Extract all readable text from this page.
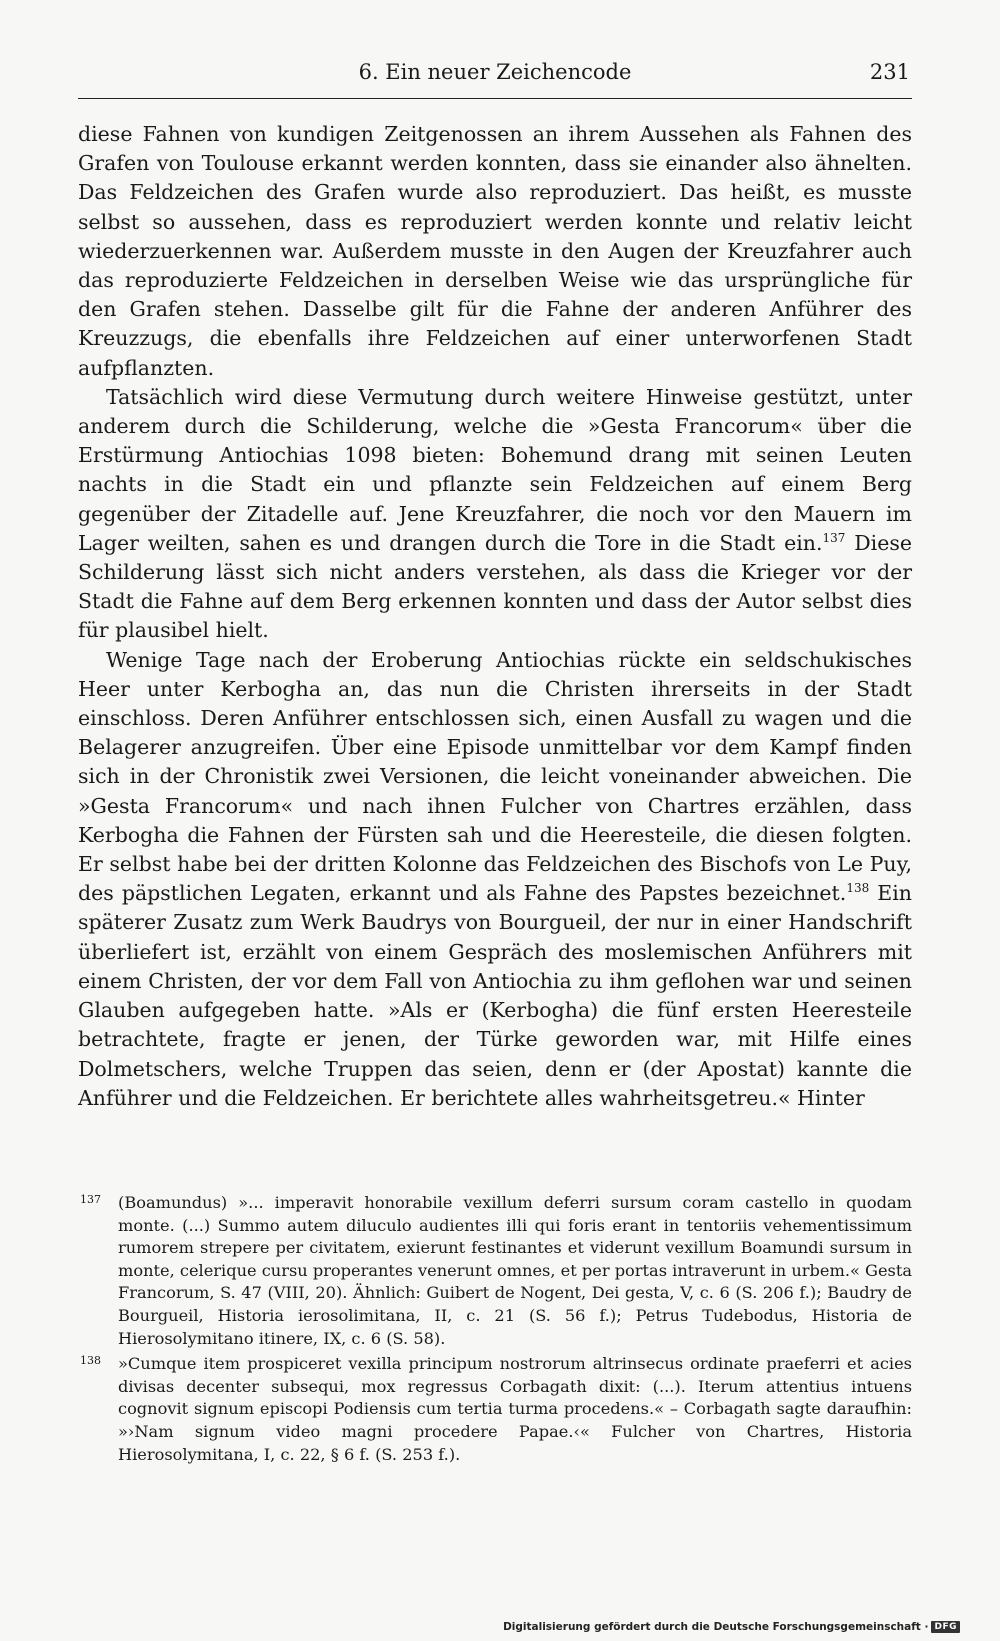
6. Ein neuer Zeichencode	231

diese Fahnen von kundigen Zeitgenossen an ihrem Aussehen als Fahnen des Grafen von Toulouse erkannt werden konnten, dass sie einander also ähnelten. Das Feldzeichen des Grafen wurde also reproduziert. Das heißt, es musste selbst so aussehen, dass es reproduziert werden konnte und relativ leicht wiederzuerkennen war. Außerdem musste in den Augen der Kreuzfahrer auch das reproduzierte Feldzeichen in derselben Weise wie das ursprüngliche für den Grafen stehen. Dasselbe gilt für die Fahne der anderen Anführer des Kreuzzugs, die ebenfalls ihre Feldzeichen auf einer unterworfenen Stadt aufpflanzten.

Tatsächlich wird diese Vermutung durch weitere Hinweise gestützt, unter anderem durch die Schilderung, welche die »Gesta Francorum« über die Erstürmung Antiochias 1098 bieten: Bohemund drang mit seinen Leuten nachts in die Stadt ein und pflanzte sein Feldzeichen auf einem Berg gegenüber der Zitadelle auf. Jene Kreuzfahrer, die noch vor den Mauern im Lager weilten, sahen es und drangen durch die Tore in die Stadt ein.$^{137}$ Diese Schilderung lässt sich nicht anders verstehen, als dass die Krieger vor der Stadt die Fahne auf dem Berg erkennen konnten und dass der Autor selbst dies für plausibel hielt.

Wenige Tage nach der Eroberung Antiochias rückte ein seldschukisches Heer unter Kerbogha an, das nun die Christen ihrerseits in der Stadt einschloss. Deren Anführer entschlossen sich, einen Ausfall zu wagen und die Belagerer anzugreifen. Über eine Episode unmittelbar vor dem Kampf finden sich in der Chronistik zwei Versionen, die leicht voneinander abweichen. Die »Gesta Francorum« und nach ihnen Fulcher von Chartres erzählen, dass Kerbogha die Fahnen der Fürsten sah und die Heeresteile, die diesen folgten. Er selbst habe bei der dritten Kolonne das Feldzeichen des Bischofs von Le Puy, des päpstlichen Legaten, erkannt und als Fahne des Papstes bezeichnet.$^{138}$ Ein späterer Zusatz zum Werk Baudrys von Bourgueil, der nur in einer Handschrift überliefert ist, erzählt von einem Gespräch des moslemischen Anführers mit einem Christen, der vor dem Fall von Antiochia zu ihm geflohen war und seinen Glauben aufgegeben hatte. »Als er (Kerbogha) die fünf ersten Heeresteile betrachtete, fragte er jenen, der Türke geworden war, mit Hilfe eines Dolmetschers, welche Truppen das seien, denn er (der Apostat) kannte die Anführer und die Feldzeichen. Er berichtete alles wahrheitsgetreu.« Hinter

137 (Boamundus) »... imperavit honorabile vexillum deferri sursum coram castello in quodam monte. (...) Summo autem diluculo audientes illi qui foris erant in tentoriis vehementissimum rumorem strepere per civitatem, exierunt festinantes et viderunt vexillum Boamundi sursum in monte, celerique cursu properantes venerunt omnes, et per portas intraverunt in urbem.« Gesta Francorum, S. 47 (VIII, 20). Ähnlich: Guibert de Nogent, Dei gesta, V, c. 6 (S. 206 f.); Baudry de Bourgueil, Historia ierosolimitana, II, c. 21 (S. 56 f.); Petrus Tudebodus, Historia de Hierosolymitano itinere, IX, c. 6 (S. 58).
138 »Cumque item prospiceret vexilla principum nostrorum altrinsecus ordinate praeferri et acies divisas decenter subsequi, mox regressus Corbagath dixit: (...). Iterum attentius intuens cognovit signum episcopi Podiensis cum tertia turma procedens.« – Corbagath sagte daraufhin: »›Nam signum video magni procedere Papae.‹« Fulcher von Chartres, Historia Hierosolymitana, I, c. 22, § 6 f. (S. 253 f.).
Digitalisierung gefördert durch die Deutsche Forschungsgemeinschaft · DFG
